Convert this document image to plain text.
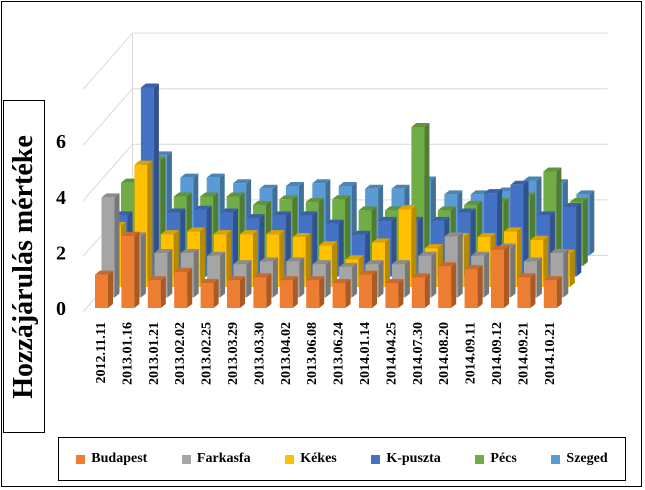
0
2
4
6
2012.11.11 2013.01.16 2013.01.21 2013.02.02 2013.02.25 2013.03.29 2013.03.30 2013.04.02 2013.06.08 2013.06.24 2014.01.14 2014.04.25 2014.07.30 2014.08.20 2014.09.11 2014.09.12 2014.09.21 2014.10.21
Hozzájárulás mértéke
Budapest	Farkasfa	Kékes	K-puszta	Pécs	Szeged
